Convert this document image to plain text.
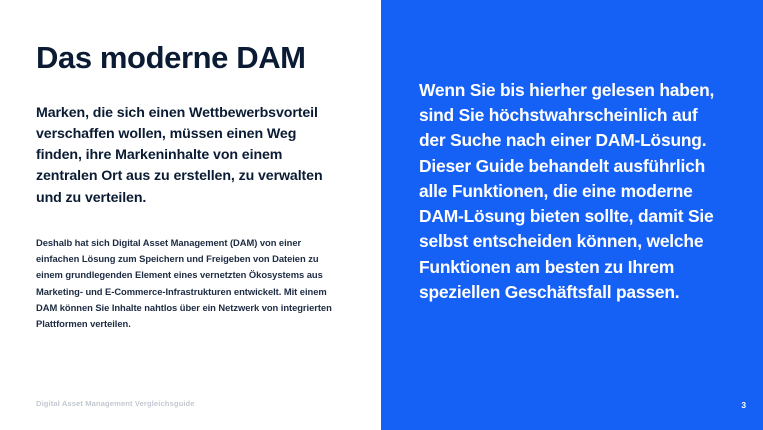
Das moderne DAM

Marken, die sich einen Wettbewerbsvorteil verschaffen wollen, müssen einen Weg finden, ihre Markeninhalte von einem zentralen Ort aus zu erstellen, zu verwalten und zu verteilen.

Deshalb hat sich Digital Asset Management (DAM) von einer einfachen Lösung zum Speichern und Freigeben von Dateien zu einem grundlegenden Element eines vernetzten Ökosystems aus Marketing- und E-Commerce-Infrastrukturen entwickelt. Mit einem DAM können Sie Inhalte nahtlos über ein Netzwerk von integrierten Plattformen verteilen.

Digital Asset Management Vergleichsguide

Wenn Sie bis hierher gelesen haben, sind Sie höchstwahrscheinlich auf der Suche nach einer DAM-Lösung. Dieser Guide behandelt ausführlich alle Funktionen, die eine moderne DAM-Lösung bieten sollte, damit Sie selbst entscheiden können, welche Funktionen am besten zu Ihrem speziellen Geschäftsfall passen.

3
